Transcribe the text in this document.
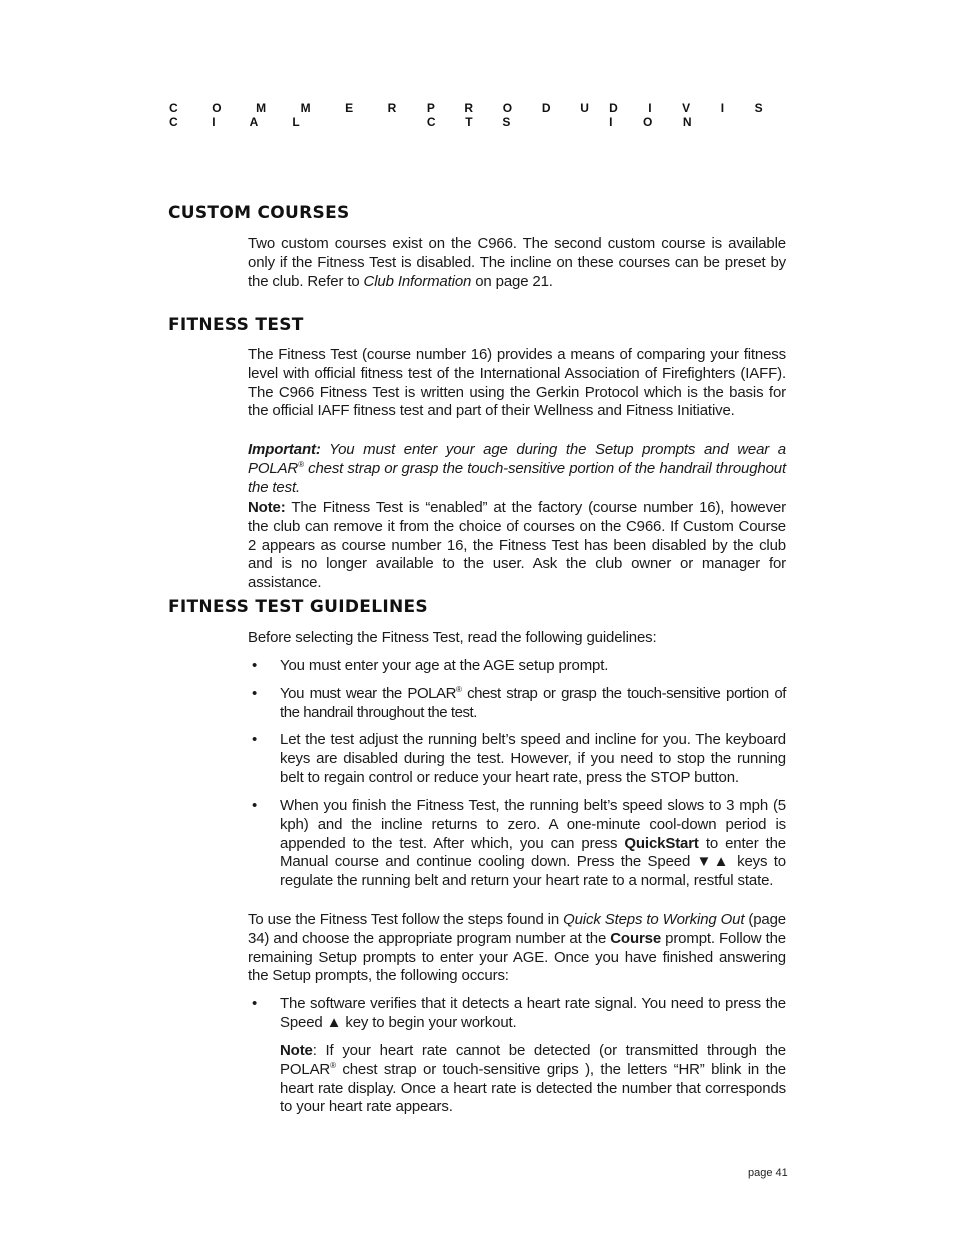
C O M M E R C I A L
P R O D U C T S
D I V I S I O N
CUSTOM COURSES

Two custom courses exist on the C966. The second custom course is available only if the Fitness Test is disabled. The incline on these courses can be preset by the club. Refer to Club Information on page 21.

FITNESS TEST

The Fitness Test (course number 16) provides a means of comparing your fitness level with official fitness test of the International Association of Firefighters (IAFF). The C966 Fitness Test is written using the Gerkin Protocol which is the basis for the official IAFF fitness test and part of their Wellness and Fitness Initiative.

Important: You must enter your age during the Setup prompts and wear a POLAR® chest strap or grasp the touch-sensitive portion of the handrail throughout the test.

Note: The Fitness Test is “enabled” at the factory (course number 16), however the club can remove it from the choice of courses on the C966. If Custom Course 2 appears as course number 16, the Fitness Test has been disabled by the club and is no longer available to the user. Ask the club owner or manager for assistance.

FITNESS TEST GUIDELINES

Before selecting the Fitness Test, read the following guidelines:

• You must enter your age at the AGE setup prompt.
• You must wear the POLAR® chest strap or grasp the touch-sensitive portion of the handrail throughout the test.
• Let the test adjust the running belt’s speed and incline for you. The keyboard keys are disabled during the test. However, if you need to stop the running belt to regain control or reduce your heart rate, press the STOP button.
• When you finish the Fitness Test, the running belt’s speed slows to 3 mph (5 kph) and the incline returns to zero. A one-minute cool-down period is appended to the test. After which, you can press QuickStart to enter the Manual course and continue cooling down. Press the Speed ▼▲ keys to regulate the running belt and return your heart rate to a normal, restful state.

To use the Fitness Test follow the steps found in Quick Steps to Working Out (page 34) and choose the appropriate program number at the Course prompt. Follow the remaining Setup prompts to enter your AGE. Once you have finished answering the Setup prompts, the following occurs:

• The software verifies that it detects a heart rate signal. You need to press the Speed ▲ key to begin your workout.
Note: If your heart rate cannot be detected (or transmitted through the POLAR® chest strap or touch-sensitive grips ), the letters “HR” blink in the heart rate display. Once a heart rate is detected the number that corresponds to your heart rate appears.
page 41
